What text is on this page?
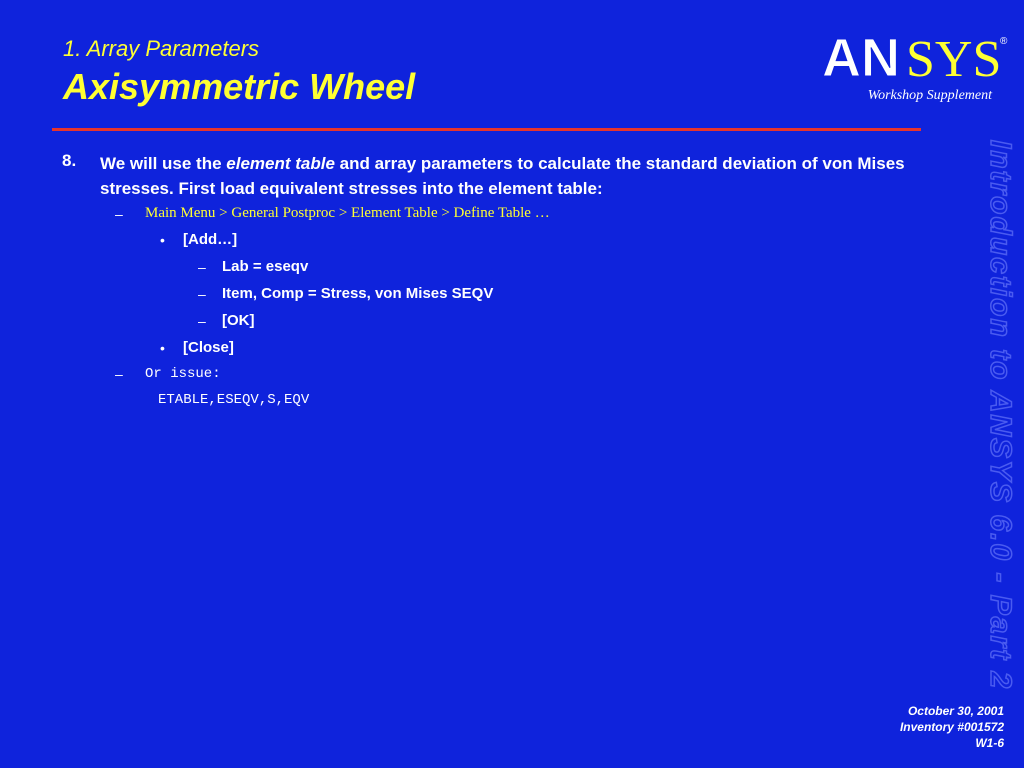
1. Array Parameters
Axisymmetric Wheel	AN SYS
®
Workshop Supplement
Introduction to ANSYS 6.0 - Part 2
8. We will use the element table and array parameters to calculate the standard deviation of von Mises stresses. First load equivalent stresses into the element table:
– Main Menu > General Postproc > Element Table > Define Table …
• [Add…]
– Lab = eseqv
– Item, Comp = Stress, von Mises SEQV
– [OK]
• [Close]
– Or issue:
ETABLE,ESEQV,S,EQV
October 30, 2001
Inventory #001572
W1-6
